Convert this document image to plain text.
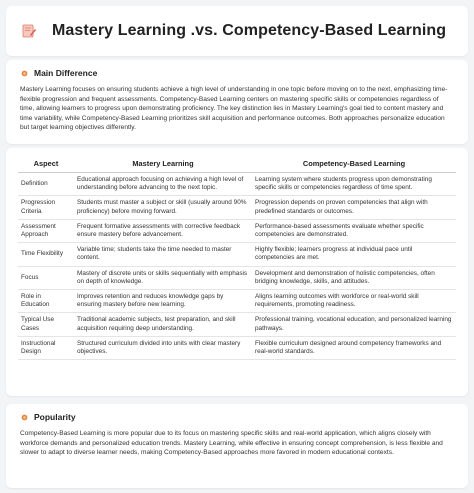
Mastery Learning .vs. Competency-Based Learning
Main Difference

Mastery Learning focuses on ensuring students achieve a high level of understanding in one topic before moving on to the next, emphasizing time-flexible progression and frequent assessments. Competency-Based Learning centers on mastering specific skills or competencies regardless of time, allowing learners to progress upon demonstrating proficiency. The key distinction lies in Mastery Learning's goal tied to content mastery and time variability, while Competency-Based Learning prioritizes skill acquisition and performance outcomes. Both approaches personalize education but target learning objectives differently.

Aspect	Mastery Learning	Competency-Based Learning
Definition	Educational approach focusing on achieving a high level of understanding before advancing to the next topic.	Learning system where students progress upon demonstrating specific skills or competencies regardless of time spent.
Progression Criteria	Students must master a subject or skill (usually around 90% proficiency) before moving forward.	Progression depends on proven competencies that align with predefined standards or outcomes.
Assessment Approach	Frequent formative assessments with corrective feedback ensure mastery before advancement.	Performance-based assessments evaluate whether specific competencies are demonstrated.
Time Flexibility	Variable time; students take the time needed to master content.	Highly flexible; learners progress at individual pace until competencies are met.
Focus	Mastery of discrete units or skills sequentially with emphasis on depth of knowledge.	Development and demonstration of holistic competencies, often bridging knowledge, skills, and attitudes.
Role in Education	Improves retention and reduces knowledge gaps by ensuring mastery before new learning.	Aligns learning outcomes with workforce or real-world skill requirements, promoting readiness.
Typical Use Cases	Traditional academic subjects, test preparation, and skill acquisition requiring deep understanding.	Professional training, vocational education, and personalized learning pathways.
Instructional Design	Structured curriculum divided into units with clear mastery objectives.	Flexible curriculum designed around competency frameworks and real-world standards.
Popularity

Competency-Based Learning is more popular due to its focus on mastering specific skills and real-world application, which aligns closely with workforce demands and personalized education trends. Mastery Learning, while effective in ensuring concept comprehension, is less flexible and slower to adapt to diverse learner needs, making Competency-Based approaches more favored in modern educational contexts.
